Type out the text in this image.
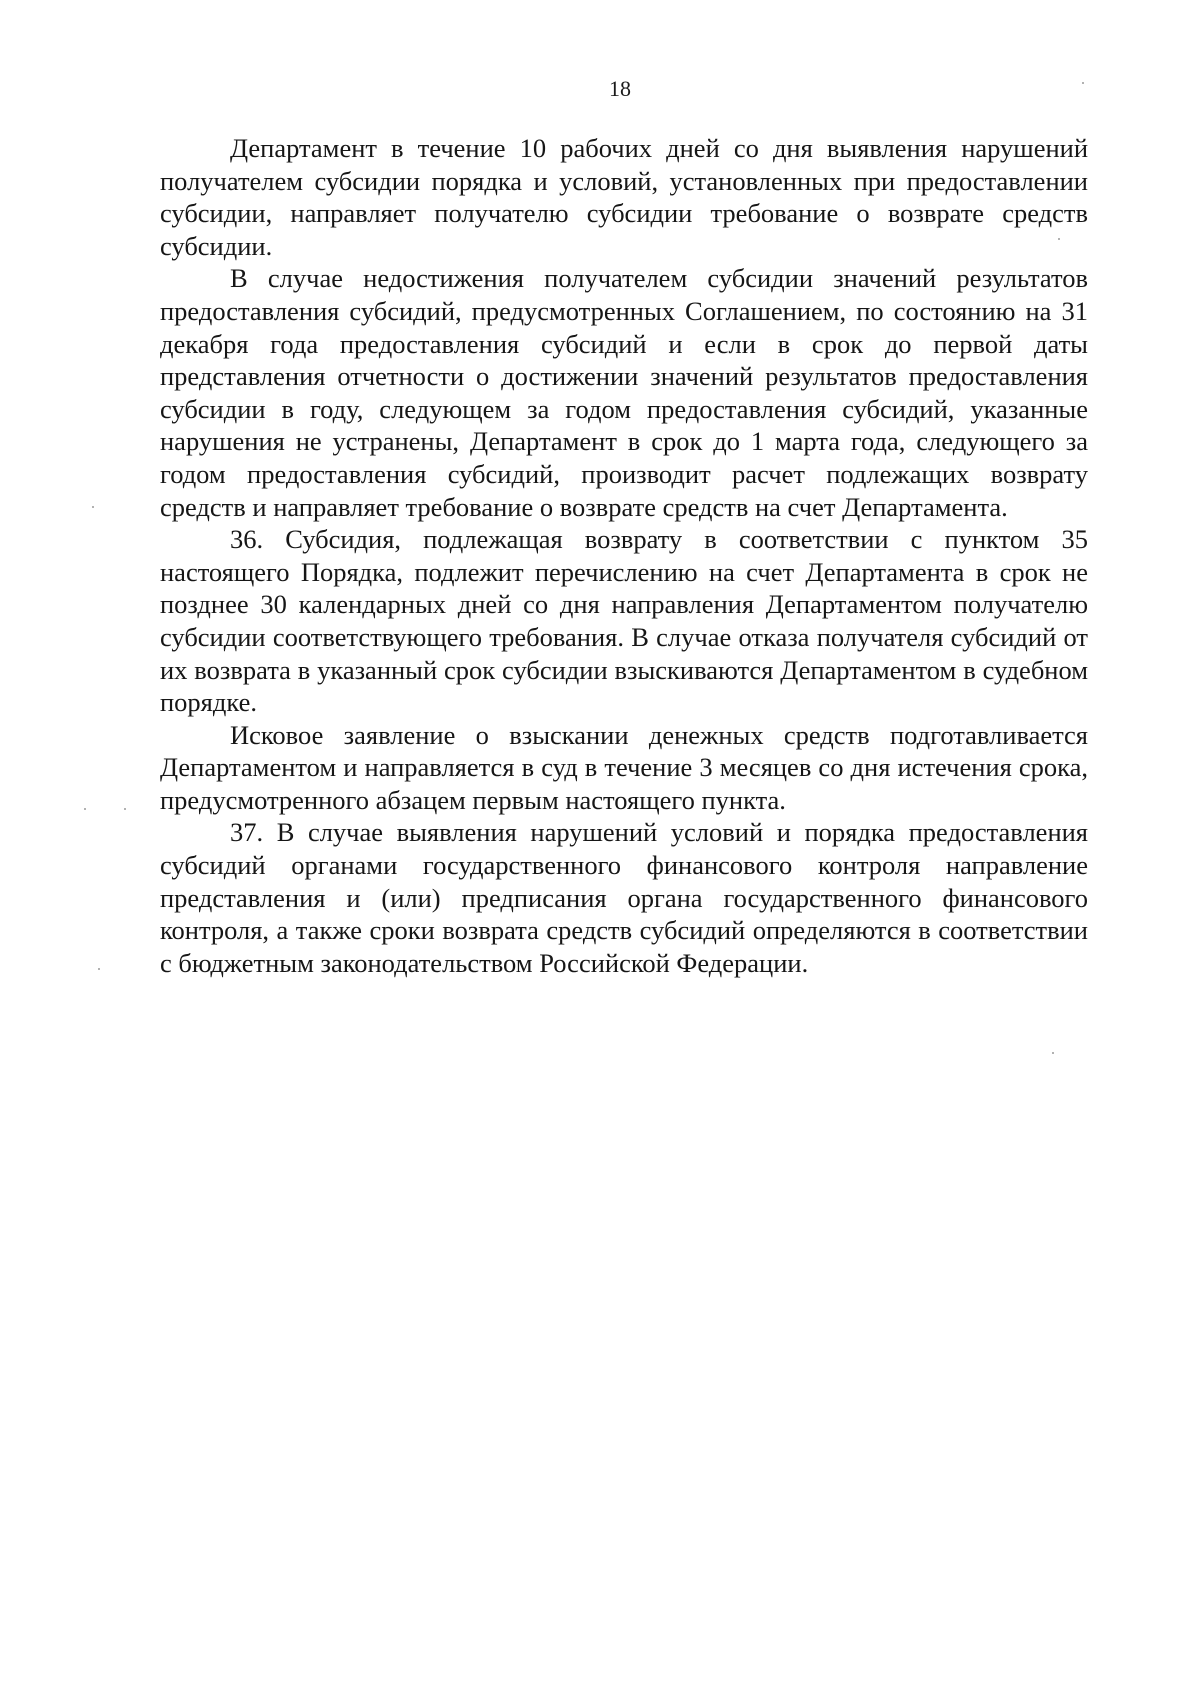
18

Департамент в течение 10 рабочих дней со дня выявления нарушений получателем субсидии порядка и условий, установленных при предоставлении субсидии, направляет получателю субсидии требование о возврате средств субсидии.

В случае недостижения получателем субсидии значений результатов предоставления субсидий, предусмотренных Соглашением, по состоянию на 31 декабря года предоставления субсидий и если в срок до первой даты представления отчетности о достижении значений результатов предоставления субсидии в году, следующем за годом предоставления субсидий, указанные нарушения не устранены, Департамент в срок до 1 марта года, следующего за годом предоставления субсидий, производит расчет подлежащих возврату средств и направляет требование о возврате средств на счет Департамента.

36. Субсидия, подлежащая возврату в соответствии с пунктом 35 настоящего Порядка, подлежит перечислению на счет Департамента в срок не позднее 30 календарных дней со дня направления Департаментом получателю субсидии соответствующего требования. В случае отказа получателя субсидий от их возврата в указанный срок субсидии взыскиваются Департаментом в судебном порядке.

Исковое заявление о взыскании денежных средств подготавливается Департаментом и направляется в суд в течение 3 месяцев со дня истечения срока, предусмотренного абзацем первым настоящего пункта.

37. В случае выявления нарушений условий и порядка предоставления субсидий органами государственного финансового контроля направление представления и (или) предписания органа государственного финансового контроля, а также сроки возврата средств субсидий определяются в соответствии с бюджетным законодательством Российской Федерации.
